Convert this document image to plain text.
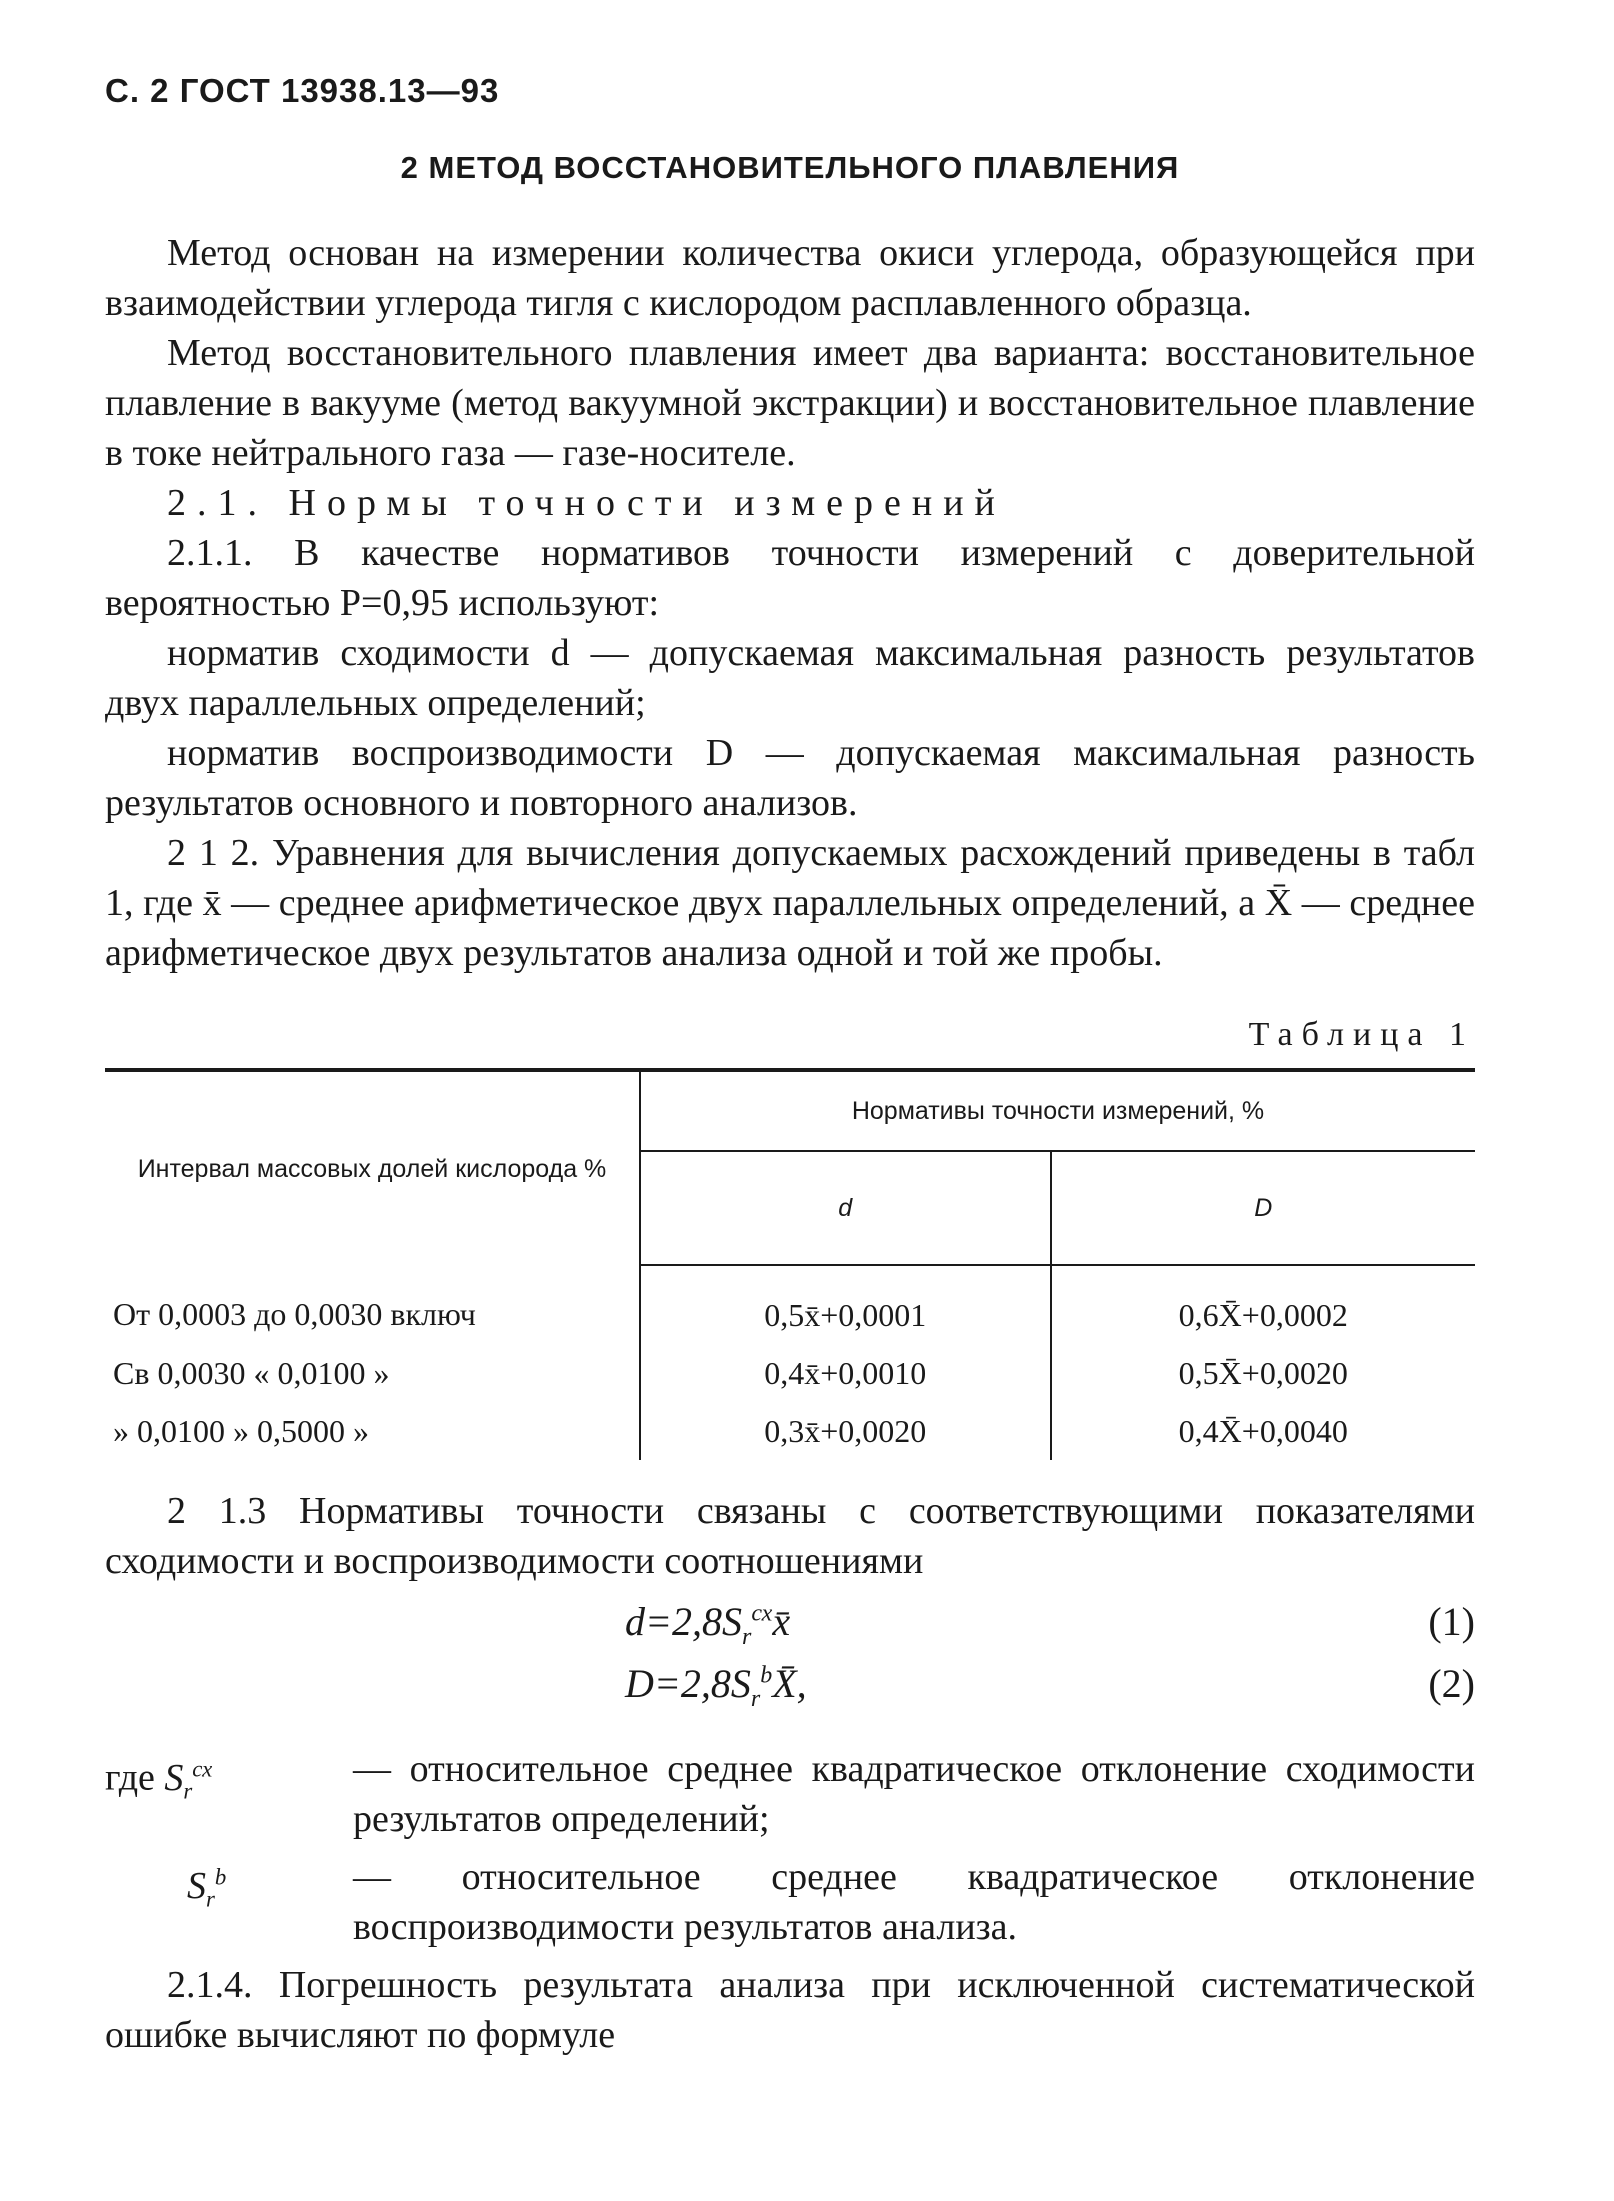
С. 2 ГОСТ 13938.13—93
2 МЕТОД ВОССТАНОВИТЕЛЬНОГО ПЛАВЛЕНИЯ

Метод основан на измерении количества окиси углерода, образующейся при взаимодействии углерода тигля с кислородом расплавленного образца.

Метод восстановительного плавления имеет два варианта: восстановительное плавление в вакууме (метод вакуумной экстракции) и восстановительное плавление в токе нейтрального газа — газе-носителе.

2.1. Нормы точности измерений

2.1.1. В качестве нормативов точности измерений с доверительной вероятностью P=0,95 используют:

норматив сходимости d — допускаемая максимальная разность результатов двух параллельных определений;

норматив воспроизводимости D — допускаемая максимальная разность результатов основного и повторного анализов.

2 1 2. Уравнения для вычисления допускаемых расхождений приведены в табл 1, где x̄ — среднее арифметическое двух параллельных определений, а X̄ — среднее арифметическое двух результатов анализа одной и той же пробы.

Таблица 1
Интервал массовых долей кислорода %	Нормативы точности измерений, %	
	d	D
От 0,0003 до 0,0030 включ	0,5x̄+0,0001	0,6X̄+0,0002
Св 0,0030 « 0,0100 »	0,4x̄+0,0010	0,5X̄+0,0020
» 0,0100 » 0,5000 »	0,3x̄+0,0020	0,4X̄+0,0040

2 1.3 Нормативы точности связаны с соответствующими показателями сходимости и воспроизводимости соотношениями

$d=2,8S_r^{сх}x̄$	(1)
$D=2,8S_r^bX̄$,	(2)
где $S_r^{сх}$	— относительное среднее квадратическое отклонение сходимости результатов определений;
$S_r^b$	— относительное среднее квадратическое отклонение воспроизводимости результатов анализа.

2.1.4. Погрешность результата анализа при исключенной систематической ошибке вычисляют по формуле
